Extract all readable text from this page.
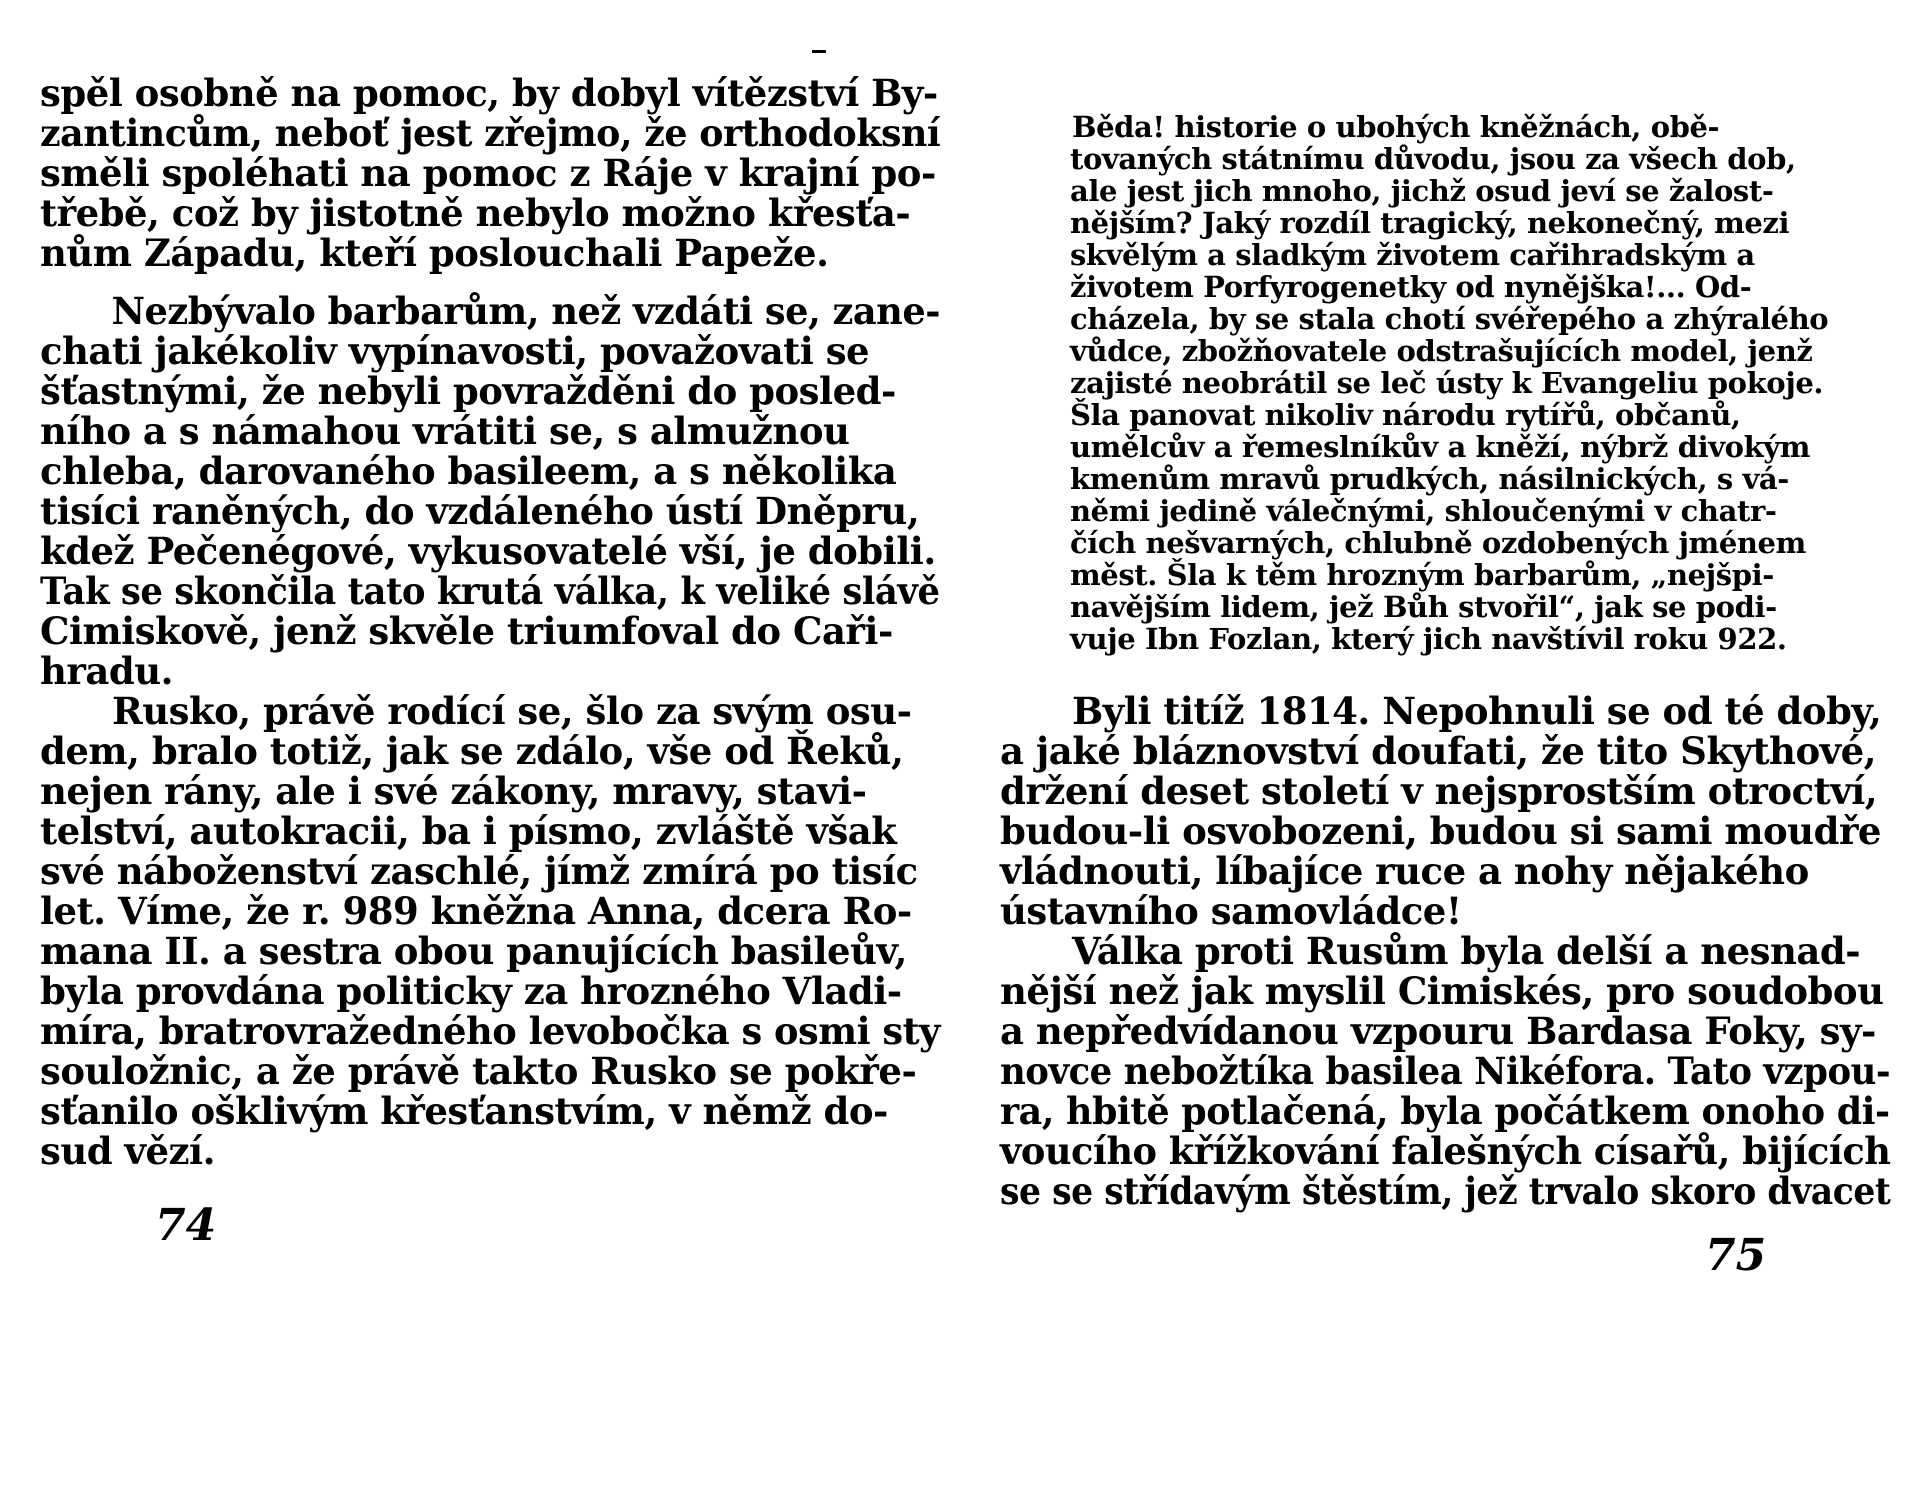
spěl osobně na pomoc, by dobyl vítězství By-
zantincům, neboť jest zřejmo, že orthodoksní
směli spoléhati na pomoc z Ráje v krajní po-
třebě, což by jistotně nebylo možno křesťa-
nům Západu, kteří poslouchali Papeže.
Nezbývalo barbarům, než vzdáti se, zane-
chati jakékoliv vypínavosti, považovati se
šťastnými, že nebyli povražděni do posled-
ního a s námahou vrátiti se, s almužnou
chleba, darovaného basileem, a s několika
tisíci raněných, do vzdáleného ústí Dněpru,
kdež Pečenégové, vykusovatelé vší, je dobili.
Tak se skončila tato krutá válka, k veliké slávě
Cimiskově, jenž skvěle triumfoval do Caři-
hradu.
Rusko, právě rodící se, šlo za svým osu-
dem, bralo totiž, jak se zdálo, vše od Řeků,
nejen rány, ale i své zákony, mravy, stavi-
telství, autokracii, ba i písmo, zvláště však
své náboženství zaschlé, jímž zmírá po tisíc
let. Víme, že r. 989 kněžna Anna, dcera Ro-
mana II. a sestra obou panujících basileův,
byla provdána politicky za hrozného Vladi-
míra, bratrovražedného levobočka s osmi sty
souložnic, a že právě takto Rusko se pokře-
sťanilo ošklivým křesťanstvím, v němž do-
sud vězí.
74
Běda! historie o ubohých kněžnách, obě-
tovaných státnímu důvodu, jsou za všech dob,
ale jest jich mnoho, jichž osud jeví se žalost-
nějším? Jaký rozdíl tragický, nekonečný, mezi
skvělým a sladkým životem cařihradským a
životem Porfyrogenetky od nynějška!... Od-
cházela, by se stala chotí svéřepého a zhýralého
vůdce, zbožňovatele odstrašujících model, jenž
zajisté neobrátil se leč ústy k Evangeliu pokoje.
Šla panovat nikoliv národu rytířů, občanů,
umělcův a řemeslníkův a kněží, nýbrž divokým
kmenům mravů prudkých, násilnických, s vá-
němi jedině válečnými, shloučenými v chatr-
čích nešvarných, chlubně ozdobených jménem
měst. Šla k těm hrozným barbarům, „nejšpi-
navějším lidem, jež Bůh stvořil“, jak se podi-
vuje Ibn Fozlan, který jich navštívil roku 922.
Byli titíž 1814. Nepohnuli se od té doby,
a jaké bláznovství doufati, že tito Skythové,
držení deset století v nejsprostším otroctví,
budou-li osvobozeni, budou si sami moudře
vládnouti, líbajíce ruce a nohy nějakého
ústavního samovládce!
Válka proti Rusům byla delší a nesnad-
nější než jak myslil Cimiskés, pro soudobou
a nepředvídanou vzpouru Bardasa Foky, sy-
novce nebožtíka basilea Nikéfora. Tato vzpou-
ra, hbitě potlačená, byla počátkem onoho di-
voucího křížkování falešných císařů, bijících
se se střídavým štěstím, jež trvalo skoro dvacet
75
